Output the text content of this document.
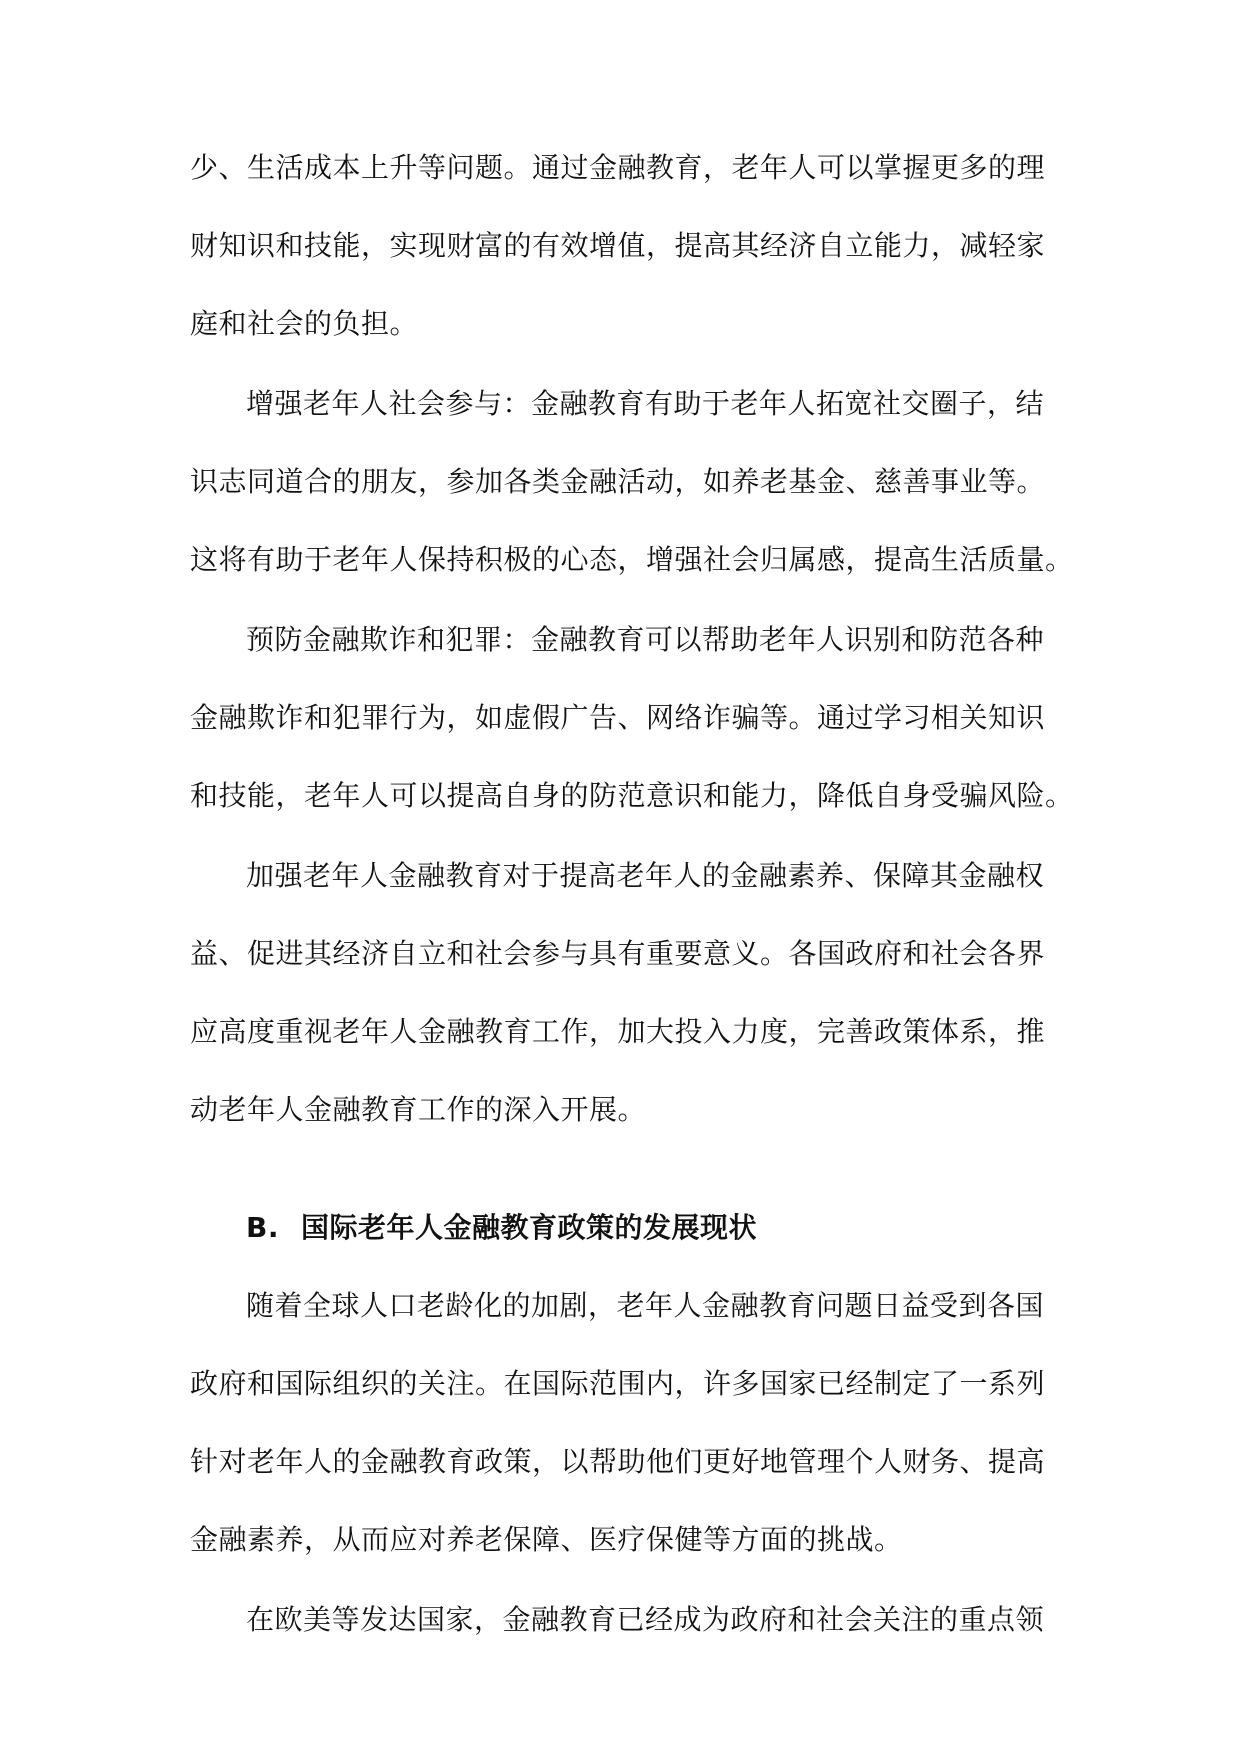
少、生活成本上升等问题。通过金融教育，老年人可以掌握更多的理
财知识和技能，实现财富的有效增值，提高其经济自立能力，减轻家
庭和社会的负担。
增强老年人社会参与：金融教育有助于老年人拓宽社交圈子，结
识志同道合的朋友，参加各类金融活动，如养老基金、慈善事业等。
这将有助于老年人保持积极的心态，增强社会归属感，提高生活质量。
预防金融欺诈和犯罪：金融教育可以帮助老年人识别和防范各种
金融欺诈和犯罪行为，如虚假广告、网络诈骗等。通过学习相关知识
和技能，老年人可以提高自身的防范意识和能力，降低自身受骗风险。
加强老年人金融教育对于提高老年人的金融素养、保障其金融权
益、促进其经济自立和社会参与具有重要意义。各国政府和社会各界
应高度重视老年人金融教育工作，加大投入力度，完善政策体系，推
动老年人金融教育工作的深入开展。
B. 国际老年人金融教育政策的发展现状
随着全球人口老龄化的加剧，老年人金融教育问题日益受到各国
政府和国际组织的关注。在国际范围内，许多国家已经制定了一系列
针对老年人的金融教育政策，以帮助他们更好地管理个人财务、提高
金融素养，从而应对养老保障、医疗保健等方面的挑战。
在欧美等发达国家，金融教育已经成为政府和社会关注的重点领
